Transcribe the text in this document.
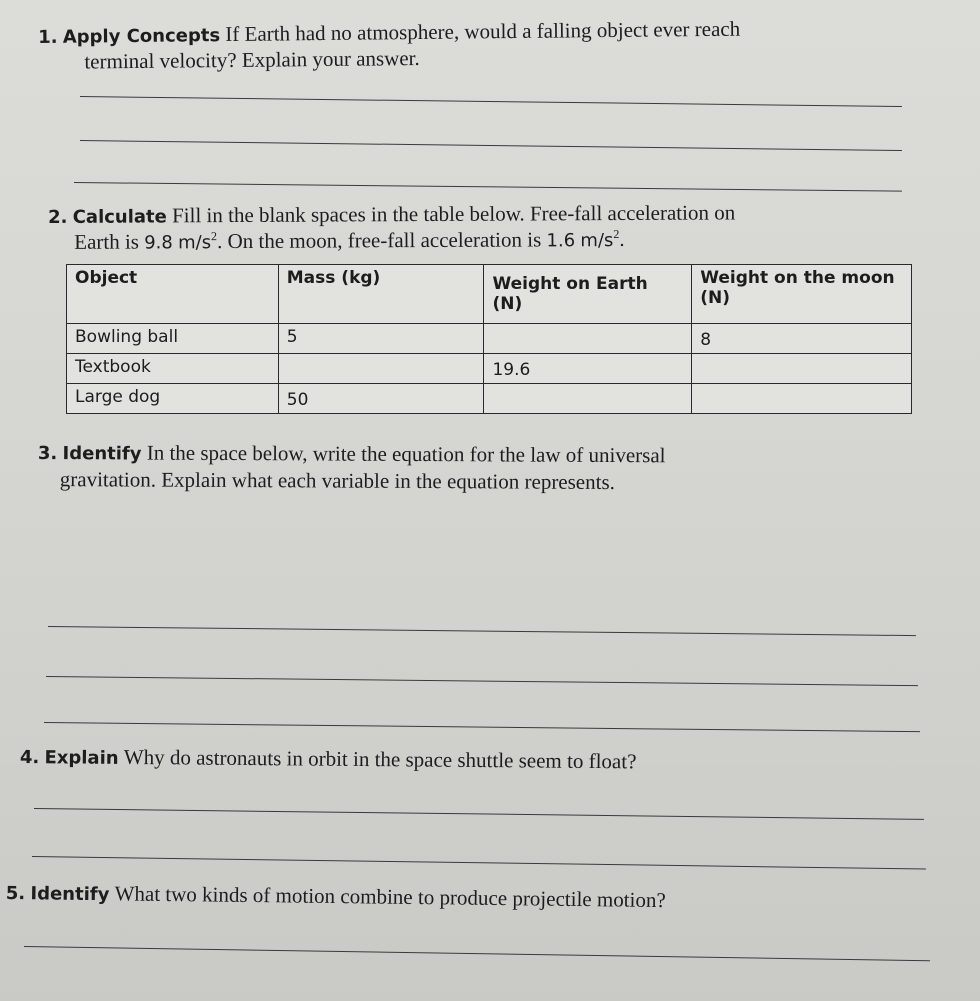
1. Apply Concepts If Earth had no atmosphere, would a falling object ever reach
terminal velocity? Explain your answer.
2. Calculate Fill in the blank spaces in the table below. Free-fall acceleration on
Earth is 9.8 $m/s^2$. On the moon, free-fall acceleration is 1.6 $m/s^2$.
Object	Mass (kg)	Weight on Earth (N)	Weight on the moon (N)
Bowling ball	5		8
Textbook		19.6	
Large dog	50		
3. Identify In the space below, write the equation for the law of universal
gravitation. Explain what each variable in the equation represents.
4. Explain Why do astronauts in orbit in the space shuttle seem to float?
5. Identify What two kinds of motion combine to produce projectile motion?
